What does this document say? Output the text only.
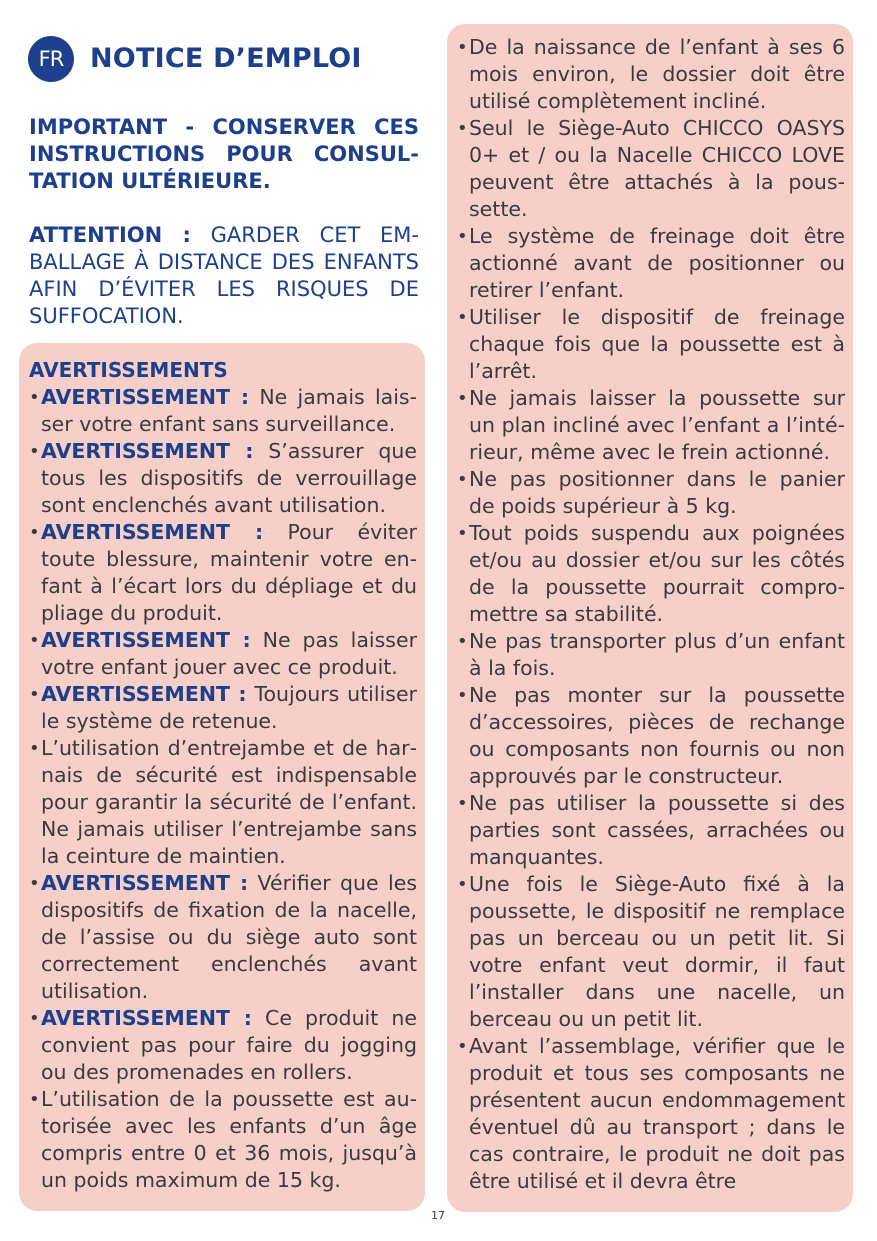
FR NOTICE D’EMPLOI
IMPORTANT - CONSERVER CES INSTRUCTIONS POUR CONSULTATION ULTÉRIEURE.
ATTENTION : GARDER CET EMBALLAGE À DISTANCE DES ENFANTS AFIN D’ÉVITER LES RISQUES DE SUFFOCATION.
AVERTISSEMENTS
• AVERTISSEMENT : Ne jamais laisser votre enfant sans surveillance.
• AVERTISSEMENT : S’assurer que tous les dispositifs de verrouillage sont enclenchés avant utilisation.
• AVERTISSEMENT : Pour éviter toute blessure, maintenir votre enfant à l’écart lors du dépliage et du pliage du produit.
• AVERTISSEMENT : Ne pas laisser votre enfant jouer avec ce produit.
• AVERTISSEMENT : Toujours utiliser le système de retenue.
• L’utilisation d’entrejambe et de harnais de sécurité est indispensable pour garantir la sécurité de l’enfant. Ne jamais utiliser l’entrejambe sans la ceinture de maintien.
• AVERTISSEMENT : Vérifier que les dispositifs de fixation de la nacelle, de l’assise ou du siège auto sont correctement enclenchés avant utilisation.
• AVERTISSEMENT : Ce produit ne convient pas pour faire du jogging ou des promenades en rollers.
• L’utilisation de la poussette est autorisée avec les enfants d’un âge compris entre 0 et 36 mois, jusqu’à un poids maximum de 15 kg.
• De la naissance de l’enfant à ses 6 mois environ, le dossier doit être utilisé complètement incliné.
• Seul le Siège-Auto CHICCO OASYS 0+ et / ou la Nacelle CHICCO LOVE peuvent être attachés à la poussette.
• Le système de freinage doit être actionné avant de positionner ou retirer l’enfant.
• Utiliser le dispositif de freinage chaque fois que la poussette est à l’arrêt.
• Ne jamais laisser la poussette sur un plan incliné avec l’enfant a l’intérieur, même avec le frein actionné.
• Ne pas positionner dans le panier de poids supérieur à 5 kg.
• Tout poids suspendu aux poignées et/ou au dossier et/ou sur les côtés de la poussette pourrait compromettre sa stabilité.
• Ne pas transporter plus d’un enfant à la fois.
• Ne pas monter sur la poussette d’accessoires, pièces de rechange ou composants non fournis ou non approuvés par le constructeur.
• Ne pas utiliser la poussette si des parties sont cassées, arrachées ou manquantes.
• Une fois le Siège-Auto fixé à la poussette, le dispositif ne remplace pas un berceau ou un petit lit. Si votre enfant veut dormir, il faut l’installer dans une nacelle, un berceau ou un petit lit.
• Avant l’assemblage, vérifier que le produit et tous ses composants ne présentent aucun endommagement éventuel dû au transport ; dans le cas contraire, le produit ne doit pas être utilisé et il devra être
17
